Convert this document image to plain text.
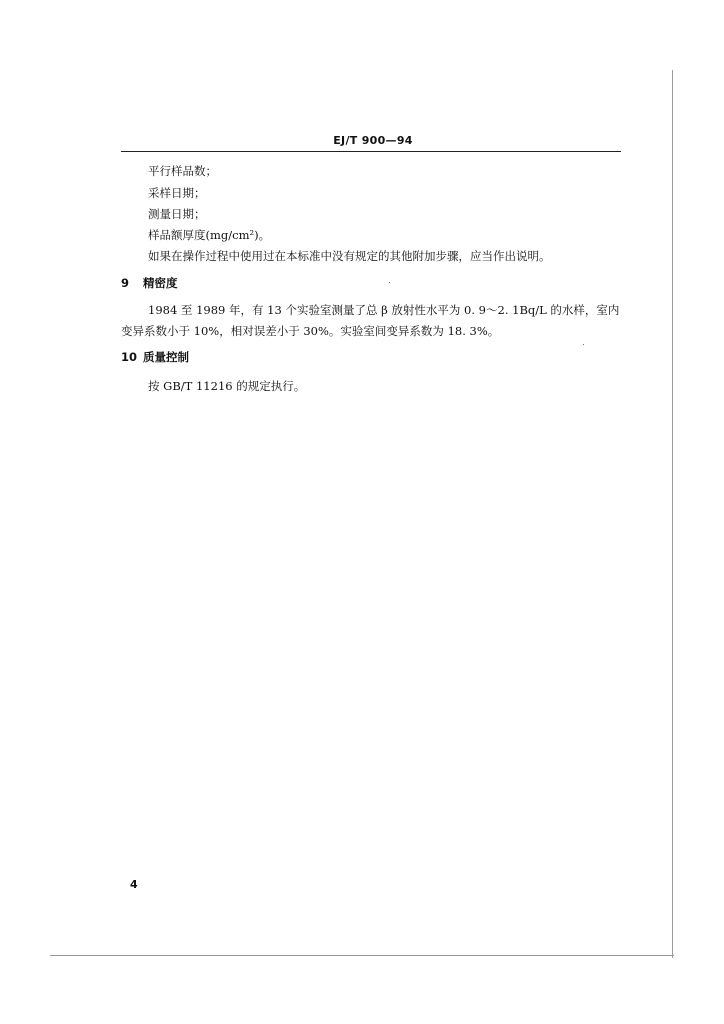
EJ/T 900—94
平行样品数；
采样日期；
测量日期；
样品额厚度(mg/cm²)。
如果在操作过程中使用过在本标准中没有规定的其他附加步骤，应当作出说明。
9 精密度
1984 至 1989 年，有 13 个实验室测量了总 β 放射性水平为 0. 9～2. 1Bq/L 的水样，室内
变异系数小于 10%，相对误差小于 30%。实验室间变异系数为 18. 3%。
10 质量控制
按 GB/T 11216 的规定执行。
4
